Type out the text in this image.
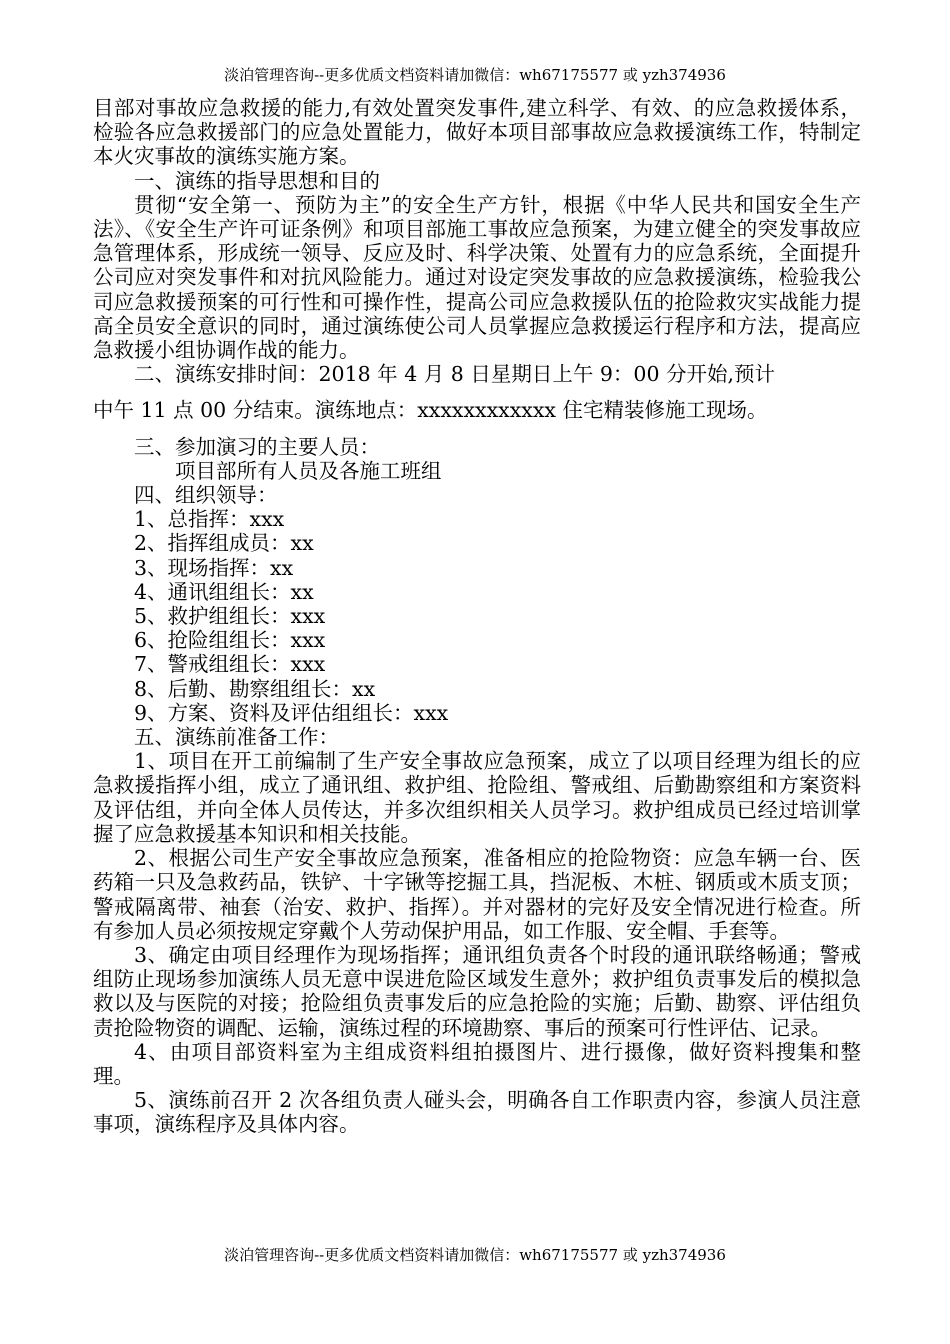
淡泊管理咨询--更多优质文档资料请加微信：wh67175577 或 yzh374936

目部对事故应急救援的能力,有效处置突发事件,建立科学、有效、的应急救援体系，检验各应急救援部门的应急处置能力，做好本项目部事故应急救援演练工作，特制定本火灾事故的演练实施方案。

一、演练的指导思想和目的

贯彻“安全第一、预防为主”的安全生产方针，根据《中华人民共和国安全生产法》、《安全生产许可证条例》和项目部施工事故应急预案，为建立健全的突发事故应急管理体系，形成统一领导、反应及时、科学决策、处置有力的应急系统，全面提升公司应对突发事件和对抗风险能力。通过对设定突发事故的应急救援演练，检验我公司应急救援预案的可行性和可操作性，提高公司应急救援队伍的抢险救灾实战能力提高全员安全意识的同时，通过演练使公司人员掌握应急救援运行程序和方法，提高应急救援小组协调作战的能力。

二、演练安排时间：2018 年 4 月 8 日星期日上午 9：00 分开始,预计

中午 11 点 00 分结束。演练地点：xxxxxxxxxxxx 住宅精装修施工现场。

三、参加演习的主要人员：

项目部所有人员及各施工班组

四、组织领导：

1、总指挥：xxx

2、指挥组成员：xx

3、现场指挥：xx

4、通讯组组长：xx

5、救护组组长：xxx

6、抢险组组长：xxx

7、警戒组组长：xxx

8、后勤、勘察组组长：xx

9、方案、资料及评估组组长：xxx

五、演练前准备工作：

1、项目在开工前编制了生产安全事故应急预案，成立了以项目经理为组长的应急救援指挥小组，成立了通讯组、救护组、抢险组、警戒组、后勤勘察组和方案资料及评估组，并向全体人员传达，并多次组织相关人员学习。救护组成员已经过培训掌握了应急救援基本知识和相关技能。

2、根据公司生产安全事故应急预案，准备相应的抢险物资：应急车辆一台、医药箱一只及急救药品，铁铲、十字锹等挖掘工具，挡泥板、木桩、钢质或木质支顶；警戒隔离带、袖套（治安、救护、指挥）。并对器材的完好及安全情况进行检查。所有参加人员必须按规定穿戴个人劳动保护用品，如工作服、安全帽、手套等。

3、确定由项目经理作为现场指挥；通讯组负责各个时段的通讯联络畅通；警戒组防止现场参加演练人员无意中误进危险区域发生意外；救护组负责事发后的模拟急救以及与医院的对接；抢险组负责事发后的应急抢险的实施；后勤、勘察、评估组负责抢险物资的调配、运输，演练过程的环境勘察、事后的预案可行性评估、记录。

4、由项目部资料室为主组成资料组拍摄图片、进行摄像，做好资料搜集和整理。

5、演练前召开 2 次各组负责人碰头会，明确各自工作职责内容，参演人员注意事项，演练程序及具体内容。

淡泊管理咨询--更多优质文档资料请加微信：wh67175577 或 yzh374936
